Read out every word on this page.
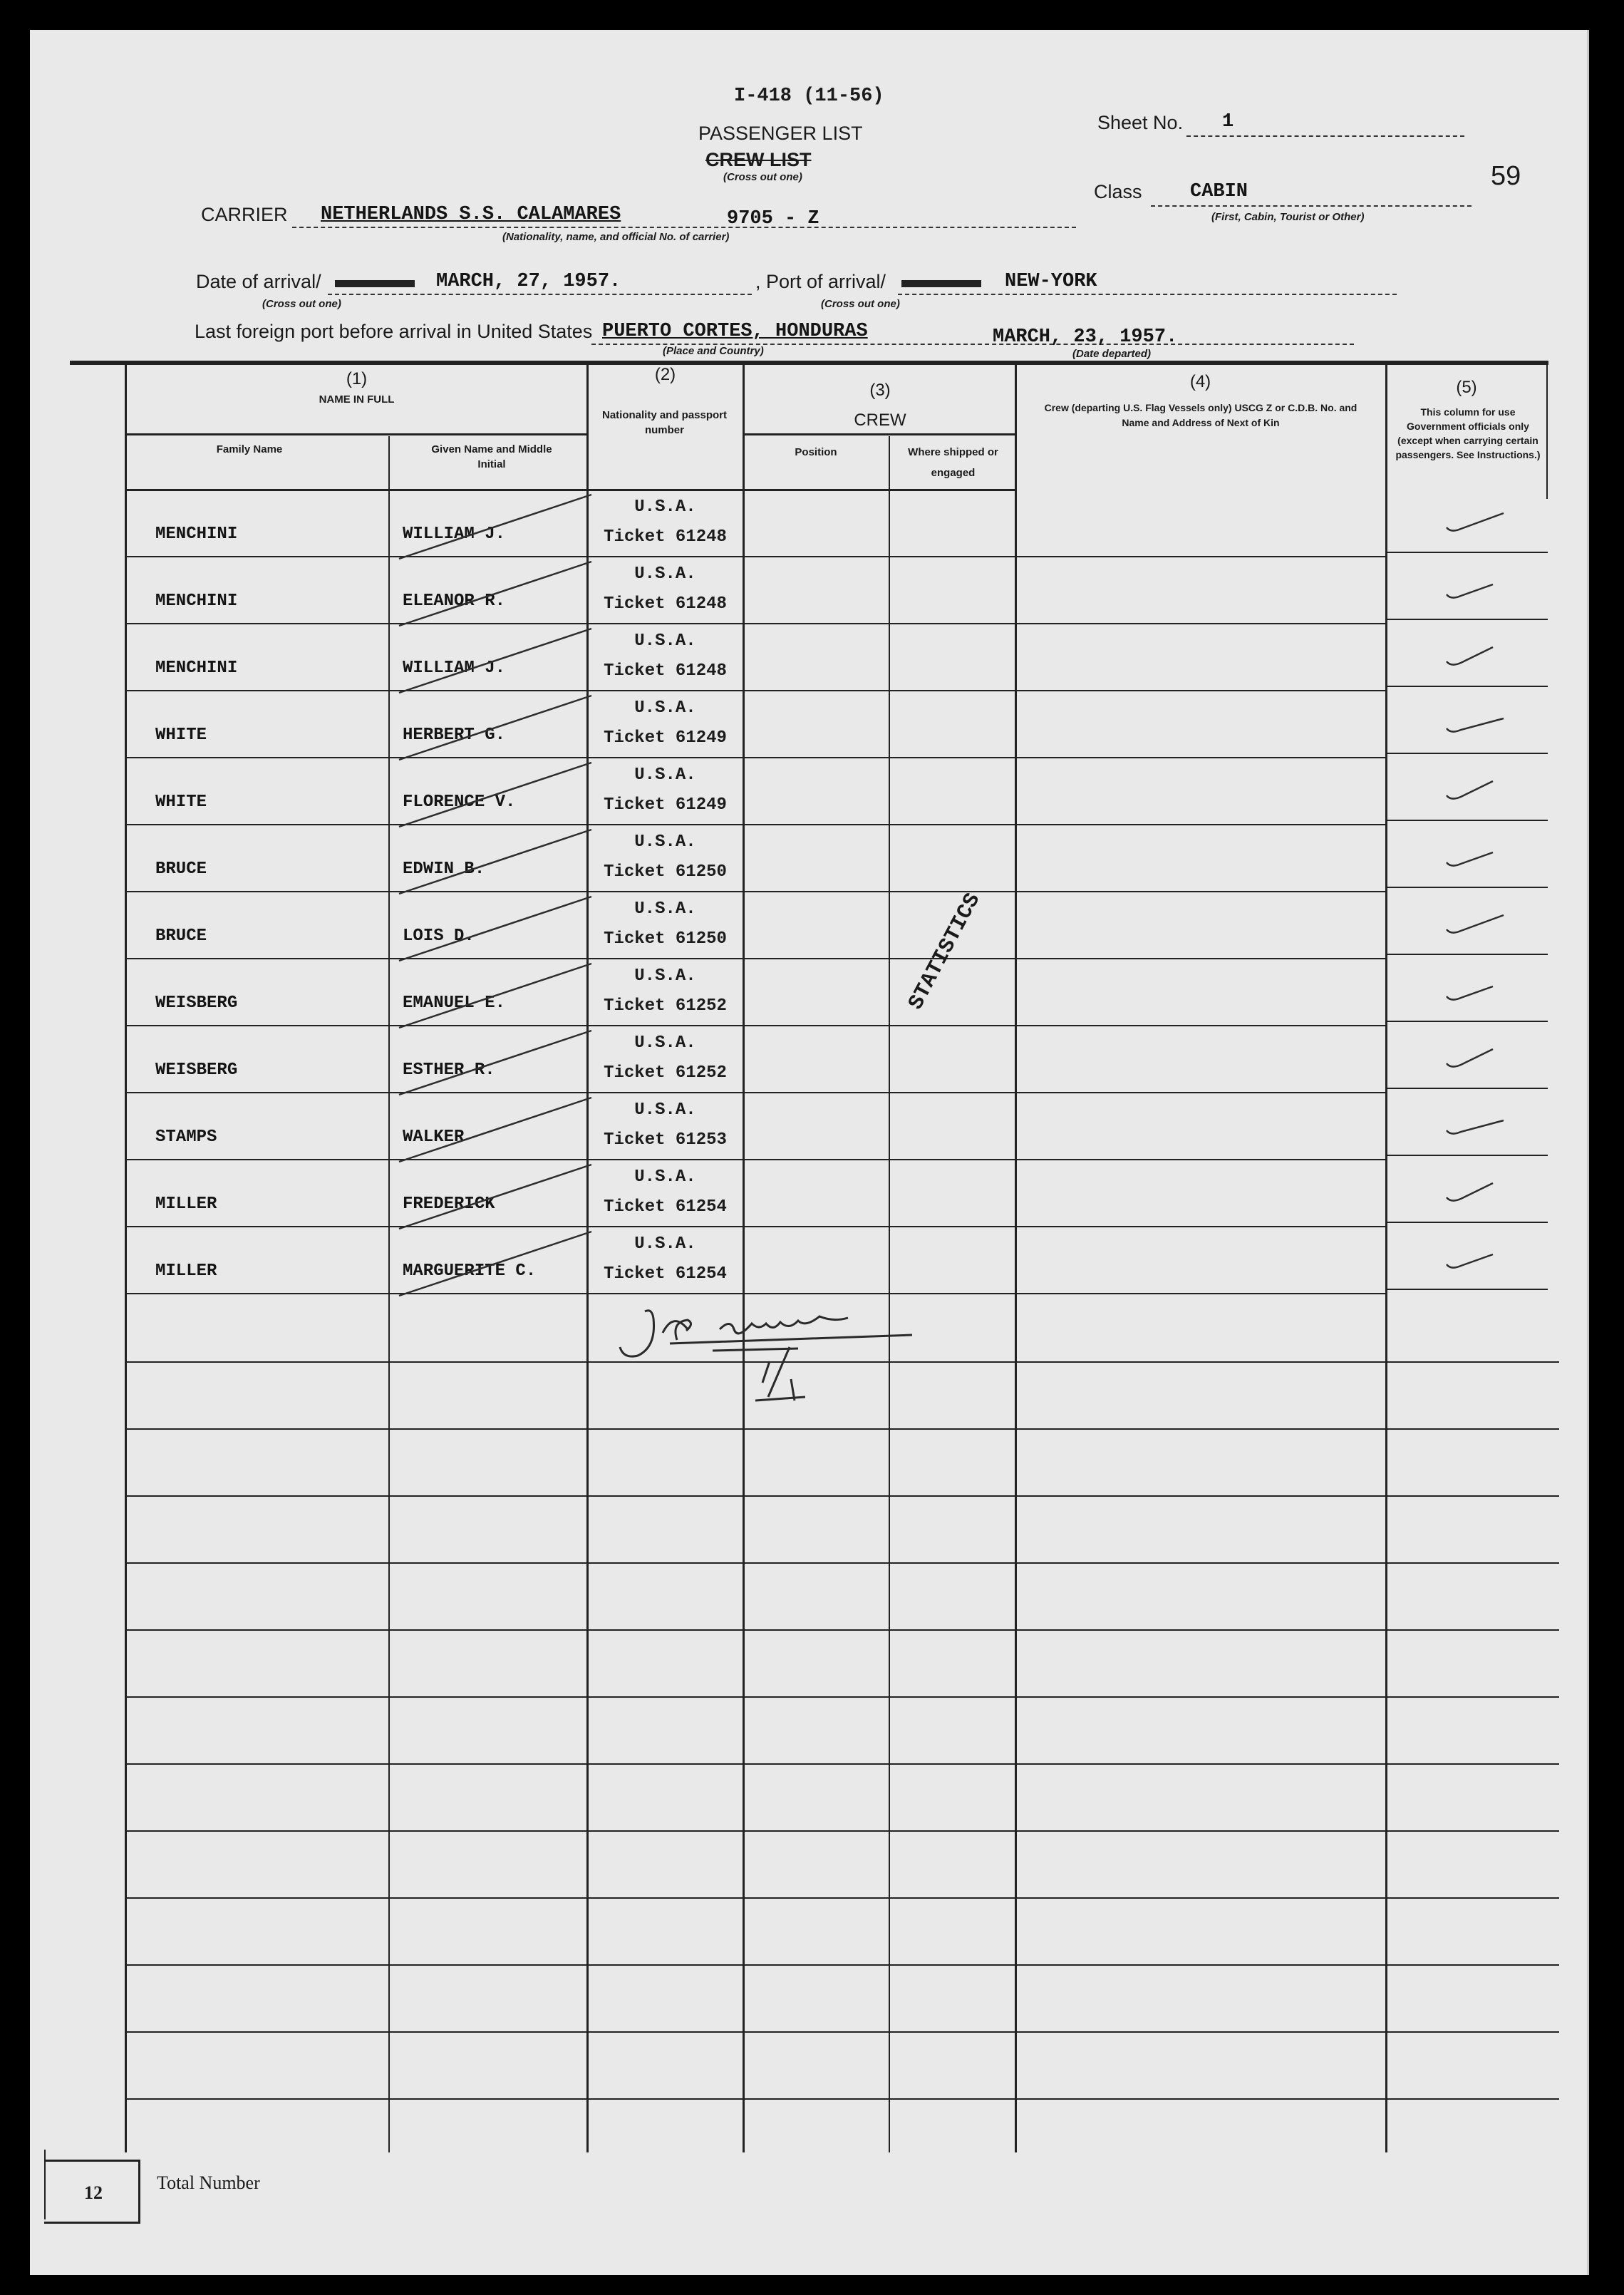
I-418 (11-56)
PASSENGER LIST
CREW LIST
(Cross out one)
Sheet No. 1
59
Class CABIN
(First, Cabin, Tourist or Other)
CARRIER NETHERLANDS S.S. CALAMARES	9705 - Z
(Nationality, name, and official No. of carrier)
Date of arrival/	MARCH, 27, 1957.
(Cross out one)
, Port of arrival/	NEW-YORK
(Cross out one)
Last foreign port before arrival in United States PUERTO CORTES, HONDURAS
(Place and Country)
MARCH, 23, 1957.
(Date departed)
(1)
NAME IN FULL
Family Name	Given Name and Middle Initial
(2)
Nationality and passport number
(3)
CREW
Position	Where shipped or engaged
(4)
Crew (departing U.S. Flag Vessels only) USCG Z or C.D.B. No. and Name and Address of Next of Kin
(5)
This column for use Government officials only (except when carrying certain passengers. See Instructions.)
MENCHINI	WILLIAM J.
U.S.A.
Ticket 61248
MENCHINI	ELEANOR R.
U.S.A.
Ticket 61248
MENCHINI	WILLIAM J.
U.S.A.
Ticket 61248
WHITE	HERBERT G.
U.S.A.
Ticket 61249
WHITE	FLORENCE V.
U.S.A.
Ticket 61249
BRUCE	EDWIN B.
U.S.A.
Ticket 61250
BRUCE	LOIS D.
U.S.A.
Ticket 61250
WEISBERG	EMANUEL E.
U.S.A.
Ticket 61252
WEISBERG	ESTHER R.
U.S.A.
Ticket 61252
STAMPS	WALKER
U.S.A.
Ticket 61253
MILLER	FREDERICK
U.S.A.
Ticket 61254
MILLER	MARGUERITE C.
U.S.A.
Ticket 61254
STATISTICS
J E Greene
I/I
12	Total Number
